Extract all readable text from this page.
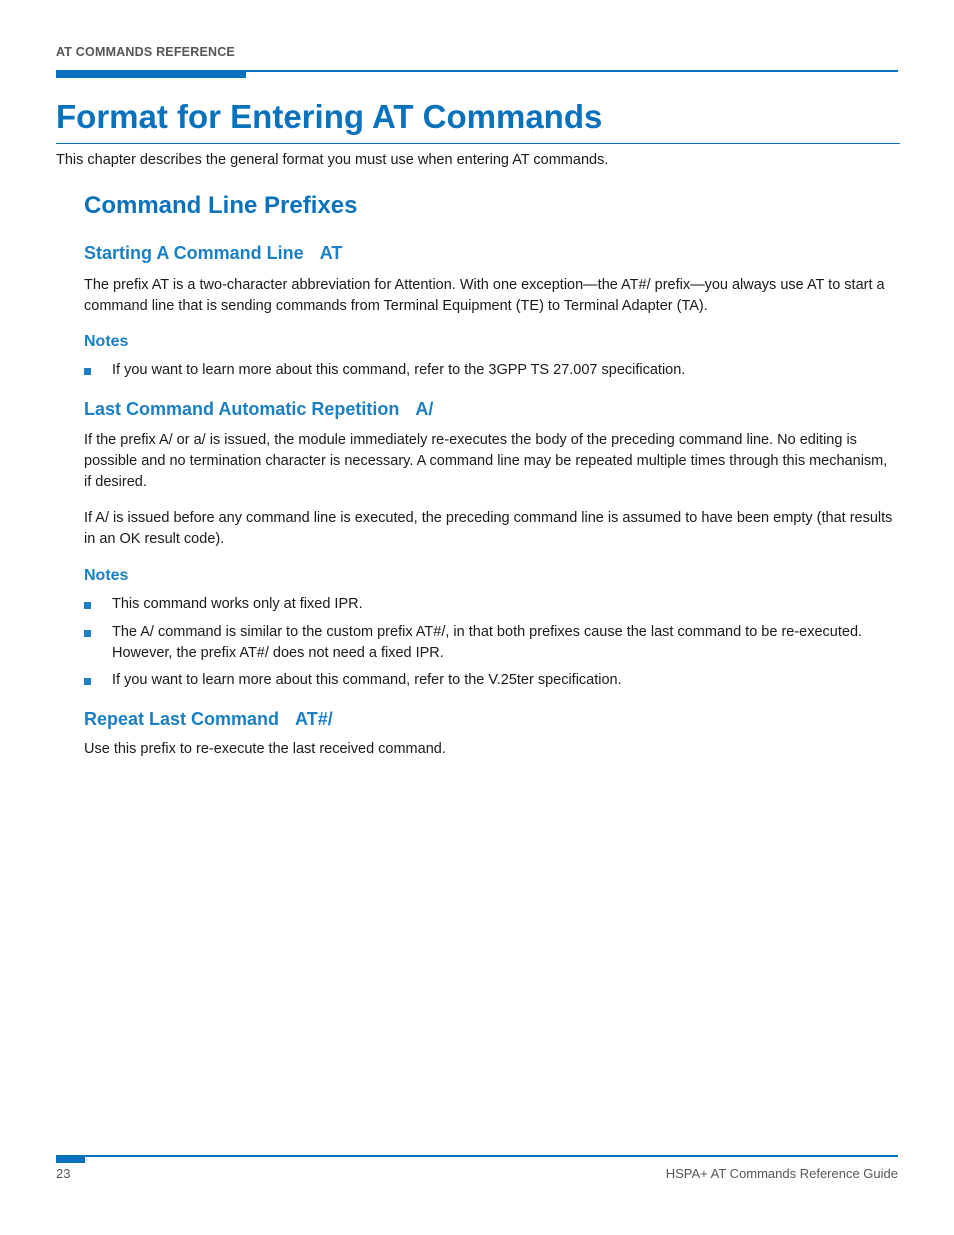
AT COMMANDS REFERENCE
Format for Entering AT Commands
This chapter describes the general format you must use when entering AT commands.
Command Line Prefixes
Starting A Command Line AT
The prefix AT is a two-character abbreviation for Attention. With one exception—the AT#/ prefix—you always use AT to start a command line that is sending commands from Terminal Equipment (TE) to Terminal Adapter (TA).
Notes
If you want to learn more about this command, refer to the 3GPP TS 27.007 specification.
Last Command Automatic Repetition A/
If the prefix A/ or a/ is issued, the module immediately re-executes the body of the preceding command line. No editing is possible and no termination character is necessary. A command line may be repeated multiple times through this mechanism, if desired.
If A/ is issued before any command line is executed, the preceding command line is assumed to have been empty (that results in an OK result code).
Notes
This command works only at fixed IPR.
The A/ command is similar to the custom prefix AT#/, in that both prefixes cause the last command to be re-executed. However, the prefix AT#/ does not need a fixed IPR.
If you want to learn more about this command, refer to the V.25ter specification.
Repeat Last Command AT#/
Use this prefix to re-execute the last received command.
23	HSPA+ AT Commands Reference Guide
